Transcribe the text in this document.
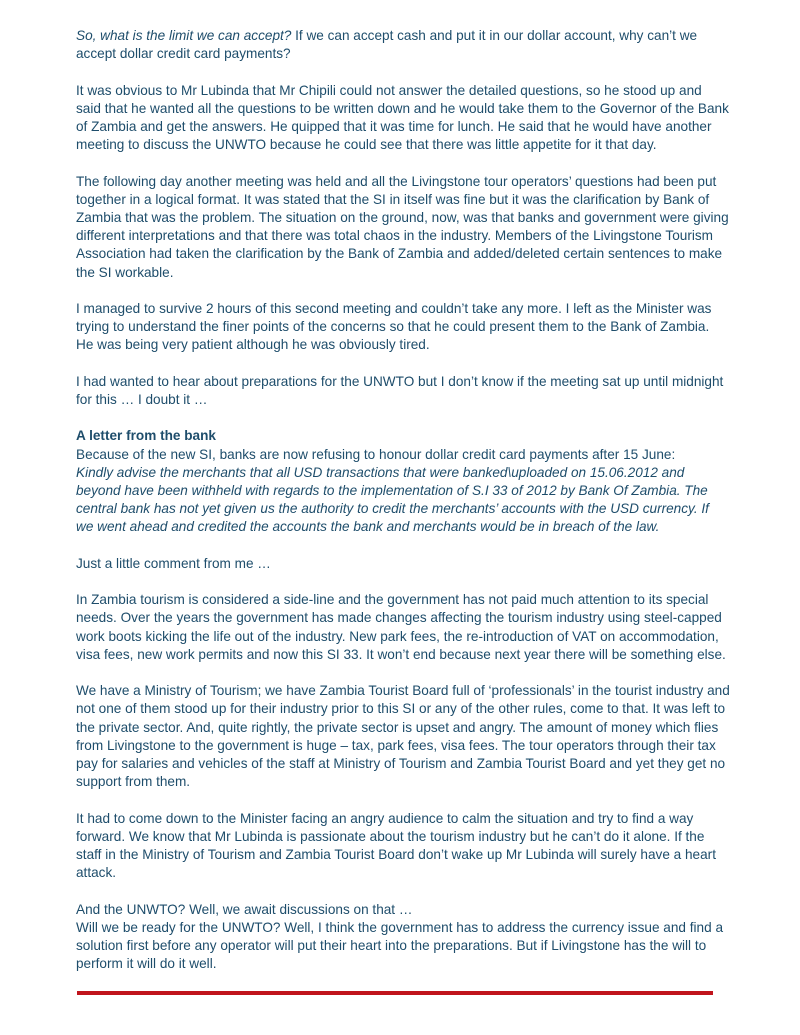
So, what is the limit we can accept? If we can accept cash and put it in our dollar account, why can’t we accept dollar credit card payments?

It was obvious to Mr Lubinda that Mr Chipili could not answer the detailed questions, so he stood up and said that he wanted all the questions to be written down and he would take them to the Governor of the Bank of Zambia and get the answers. He quipped that it was time for lunch. He said that he would have another meeting to discuss the UNWTO because he could see that there was little appetite for it that day.

The following day another meeting was held and all the Livingstone tour operators’ questions had been put together in a logical format. It was stated that the SI in itself was fine but it was the clarification by Bank of Zambia that was the problem. The situation on the ground, now, was that banks and government were giving different interpretations and that there was total chaos in the industry. Members of the Livingstone Tourism Association had taken the clarification by the Bank of Zambia and added/deleted certain sentences to make the SI workable.

I managed to survive 2 hours of this second meeting and couldn’t take any more. I left as the Minister was trying to understand the finer points of the concerns so that he could present them to the Bank of Zambia. He was being very patient although he was obviously tired.

I had wanted to hear about preparations for the UNWTO but I don’t know if the meeting sat up until midnight for this … I doubt it …

A letter from the bank

Because of the new SI, banks are now refusing to honour dollar credit card payments after 15 June:

Kindly advise the merchants that all USD transactions that were banked\uploaded on 15.06.2012 and beyond have been withheld with regards to the implementation of S.I 33 of 2012 by Bank Of Zambia. The central bank has not yet given us the authority to credit the merchants’ accounts with the USD currency. If we went ahead and credited the accounts the bank and merchants would be in breach of the law.

Just a little comment from me …

In Zambia tourism is considered a side-line and the government has not paid much attention to its special needs. Over the years the government has made changes affecting the tourism industry using steel-capped work boots kicking the life out of the industry. New park fees, the re-introduction of VAT on accommodation, visa fees, new work permits and now this SI 33. It won’t end because next year there will be something else.

We have a Ministry of Tourism; we have Zambia Tourist Board full of ‘professionals’ in the tourist industry and not one of them stood up for their industry prior to this SI or any of the other rules, come to that. It was left to the private sector. And, quite rightly, the private sector is upset and angry. The amount of money which flies from Livingstone to the government is huge – tax, park fees, visa fees. The tour operators through their tax pay for salaries and vehicles of the staff at Ministry of Tourism and Zambia Tourist Board and yet they get no support from them.

It had to come down to the Minister facing an angry audience to calm the situation and try to find a way forward. We know that Mr Lubinda is passionate about the tourism industry but he can’t do it alone. If the staff in the Ministry of Tourism and Zambia Tourist Board don’t wake up Mr Lubinda will surely have a heart attack.

And the UNWTO? Well, we await discussions on that …

Will we be ready for the UNWTO? Well, I think the government has to address the currency issue and find a solution first before any operator will put their heart into the preparations. But if Livingstone has the will to perform it will do it well.
